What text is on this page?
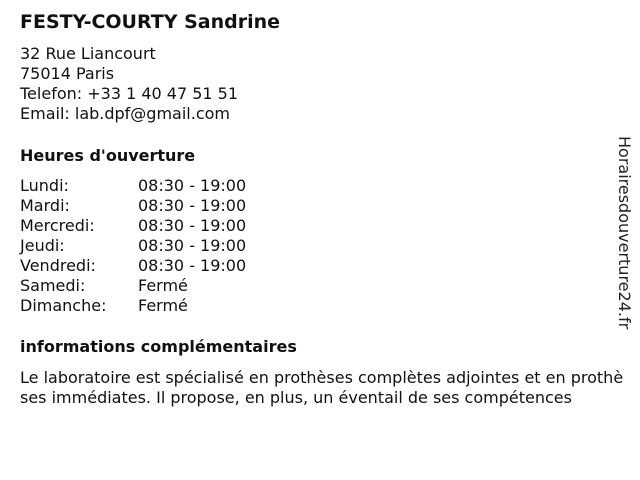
FESTY-COURTY Sandrine
32 Rue Liancourt
75014 Paris
Telefon: +33 1 40 47 51 51
Email: lab.dpf@gmail.com
Heures d'ouverture
Lundi:	08:30 - 19:00
Mardi:	08:30 - 19:00
Mercredi:	08:30 - 19:00
Jeudi:	08:30 - 19:00
Vendredi:	08:30 - 19:00
Samedi:	Fermé
Dimanche:	Fermé
informations complémentaires
Le laboratoire est spécialisé en prothèses complètes adjointes et en prothèses immédiates. Il propose, en plus, un éventail de ses compétences
Horairesdouverture24.fr
